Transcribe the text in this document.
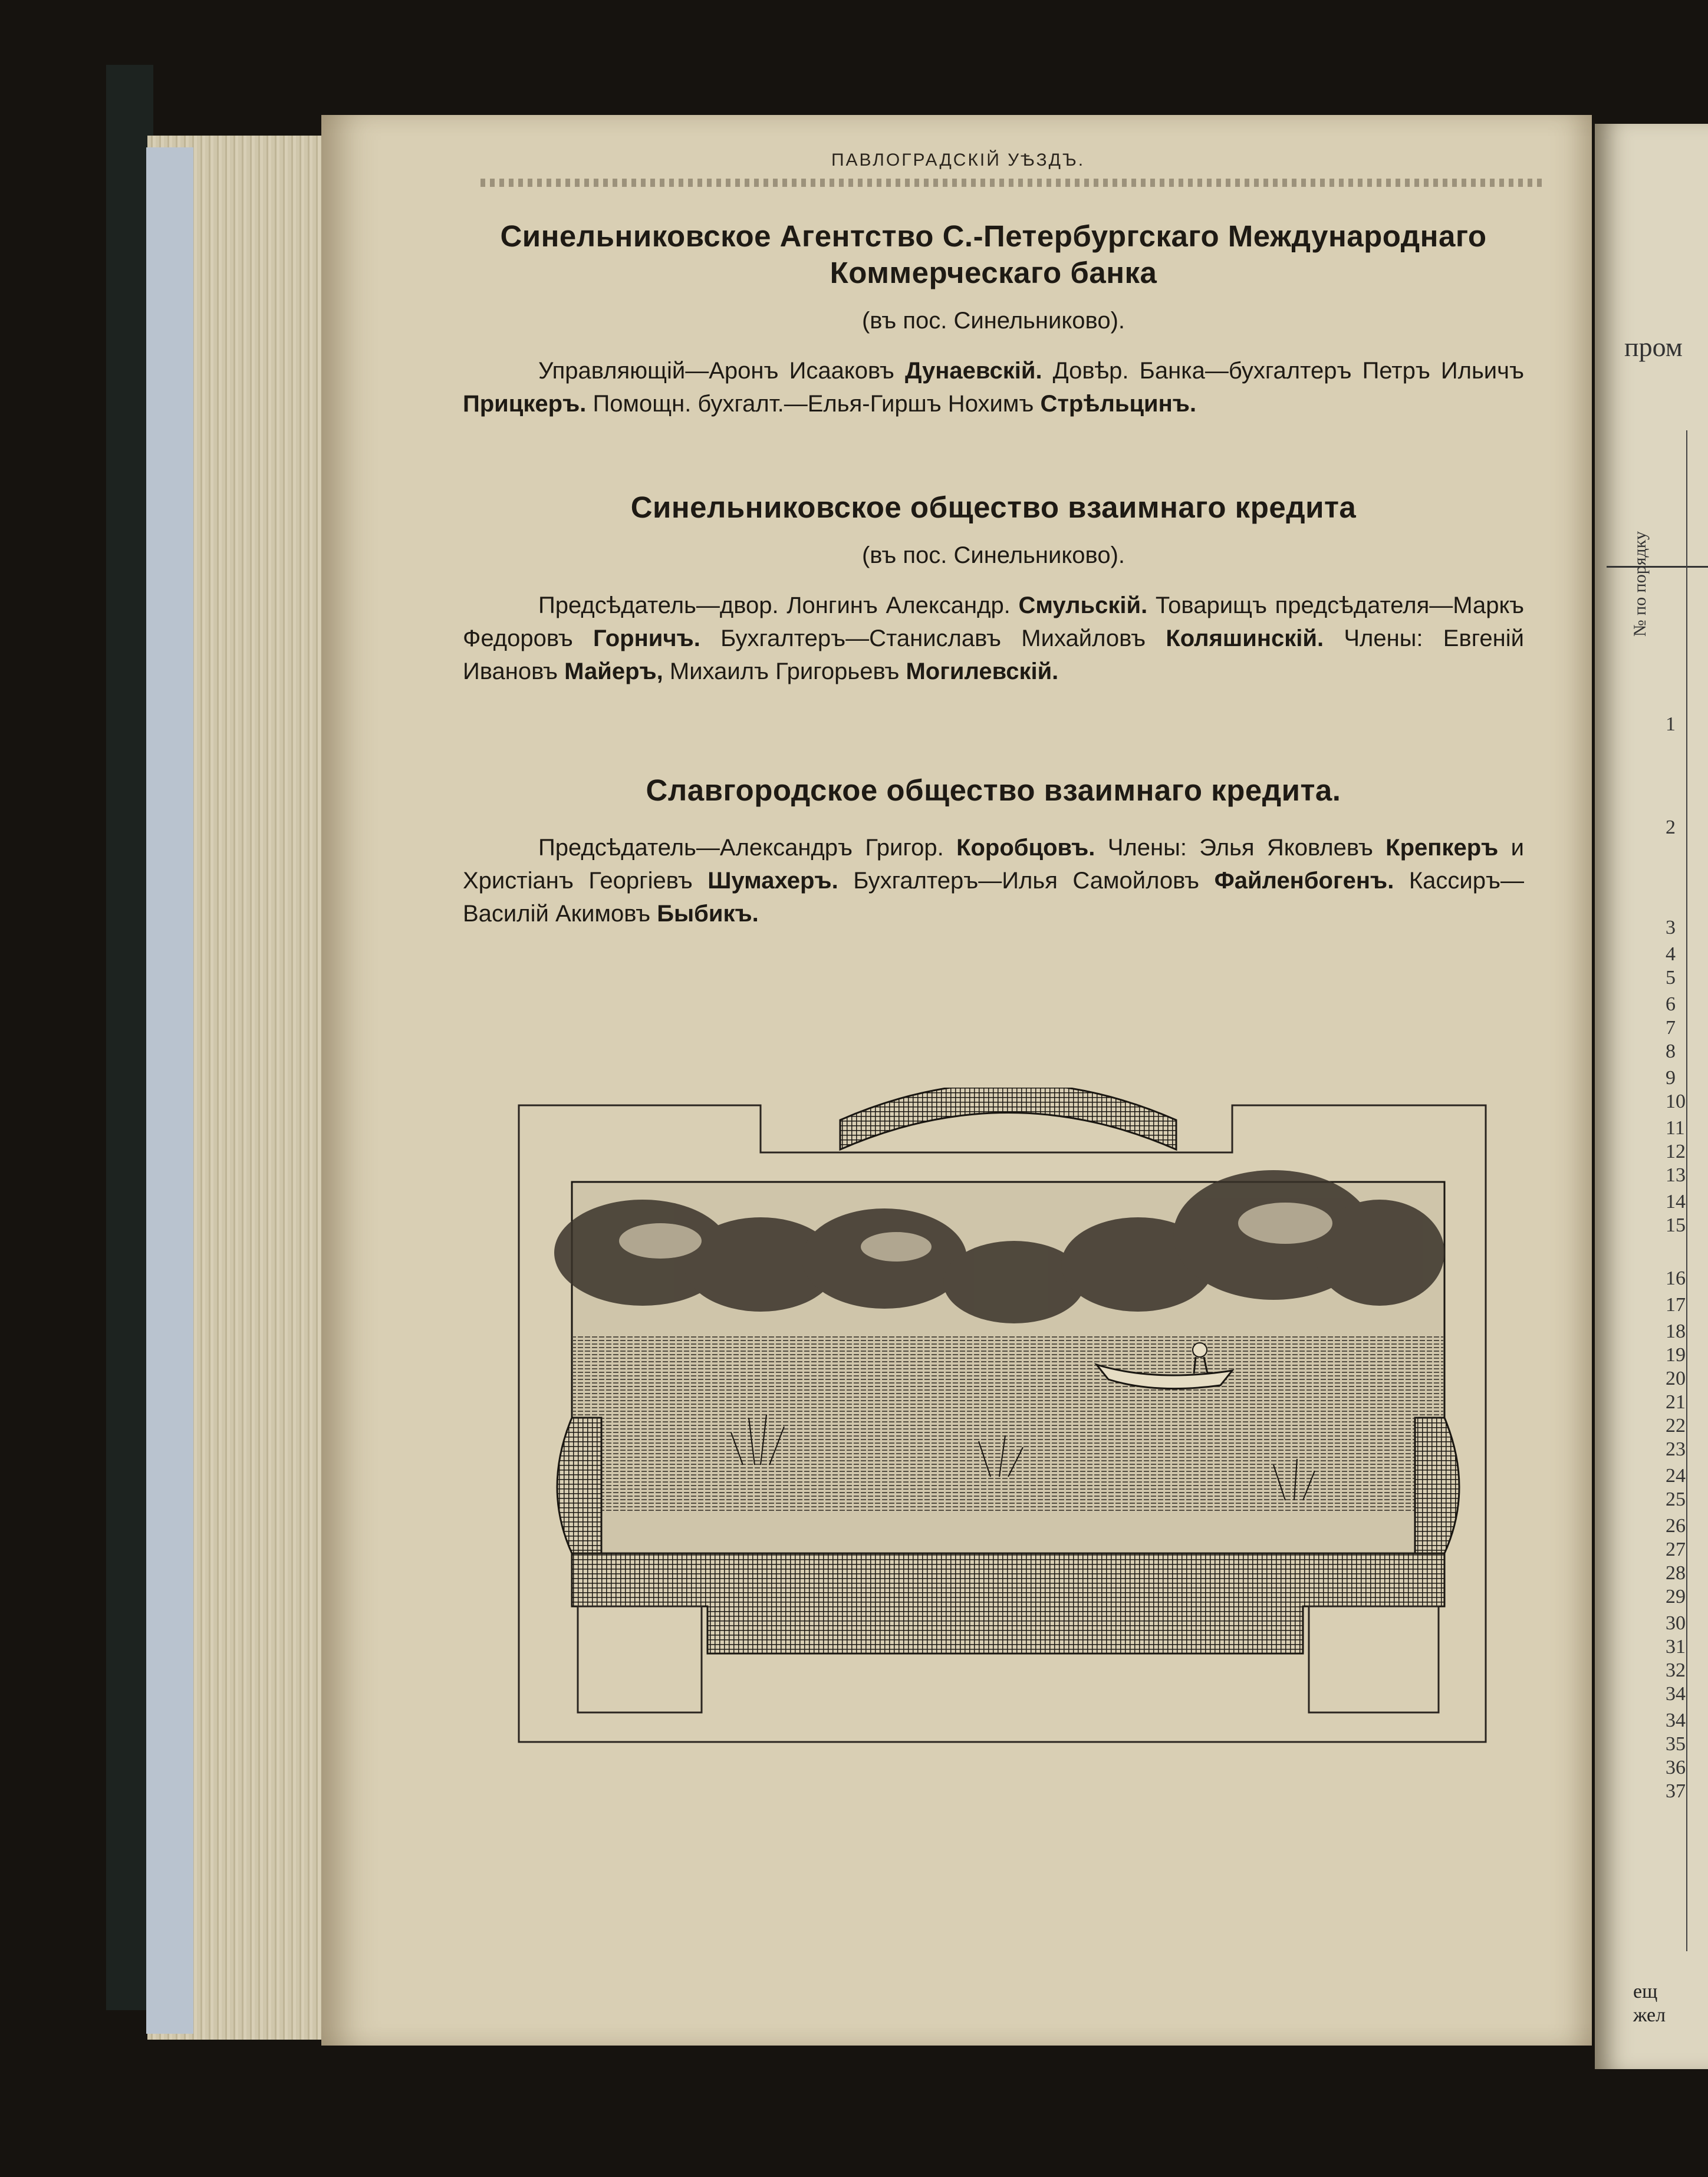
ПАВЛОГРАДСКІЙ УѢЗДЪ.
Синельниковское Агентство С.-Петербургскаго Международнаго Коммерческаго банка
(въ пос. Синельниково).

Управляющій—Аронъ Исааковъ Дунаевскій. Довѣр. Банка—бухгалтеръ Петръ Ильичъ Прицкеръ. Помощн. бухгалт.—Елья-Гиршъ Нохимъ Стрѣльцинъ.

Синельниковское общество взаимнаго кредита
(въ пос. Синельниково).

Предсѣдатель—двор. Лонгинъ Александр. Смульскій. Товарищъ предсѣдателя—Маркъ Федоровъ Горничъ. Бухгалтеръ—Станиславъ Михайловъ Коляшинскій. Члены: Евгеній Ивановъ Майеръ, Михаилъ Григорьевъ Могилевскій.

Славгородское общество взаимнаго кредита.

Предсѣдатель—Александръ Григор. Коробцовъ. Члены: Элья Яковлевъ Крепкеръ и Христіанъ Георгіевъ Шумахеръ. Бухгалтеръ—Илья Самойловъ Файленбогенъ. Кассиръ—Василій Акимовъ Быбикъ.

пром
№ по порядку
1
2
3
4
5
6
7
8
9
10
11
12
13
14
15
16
17
18
19
20
21
22
23
24
25
26
27
28
29
30
31
32
34
34
35
36
37
ещ
жел
